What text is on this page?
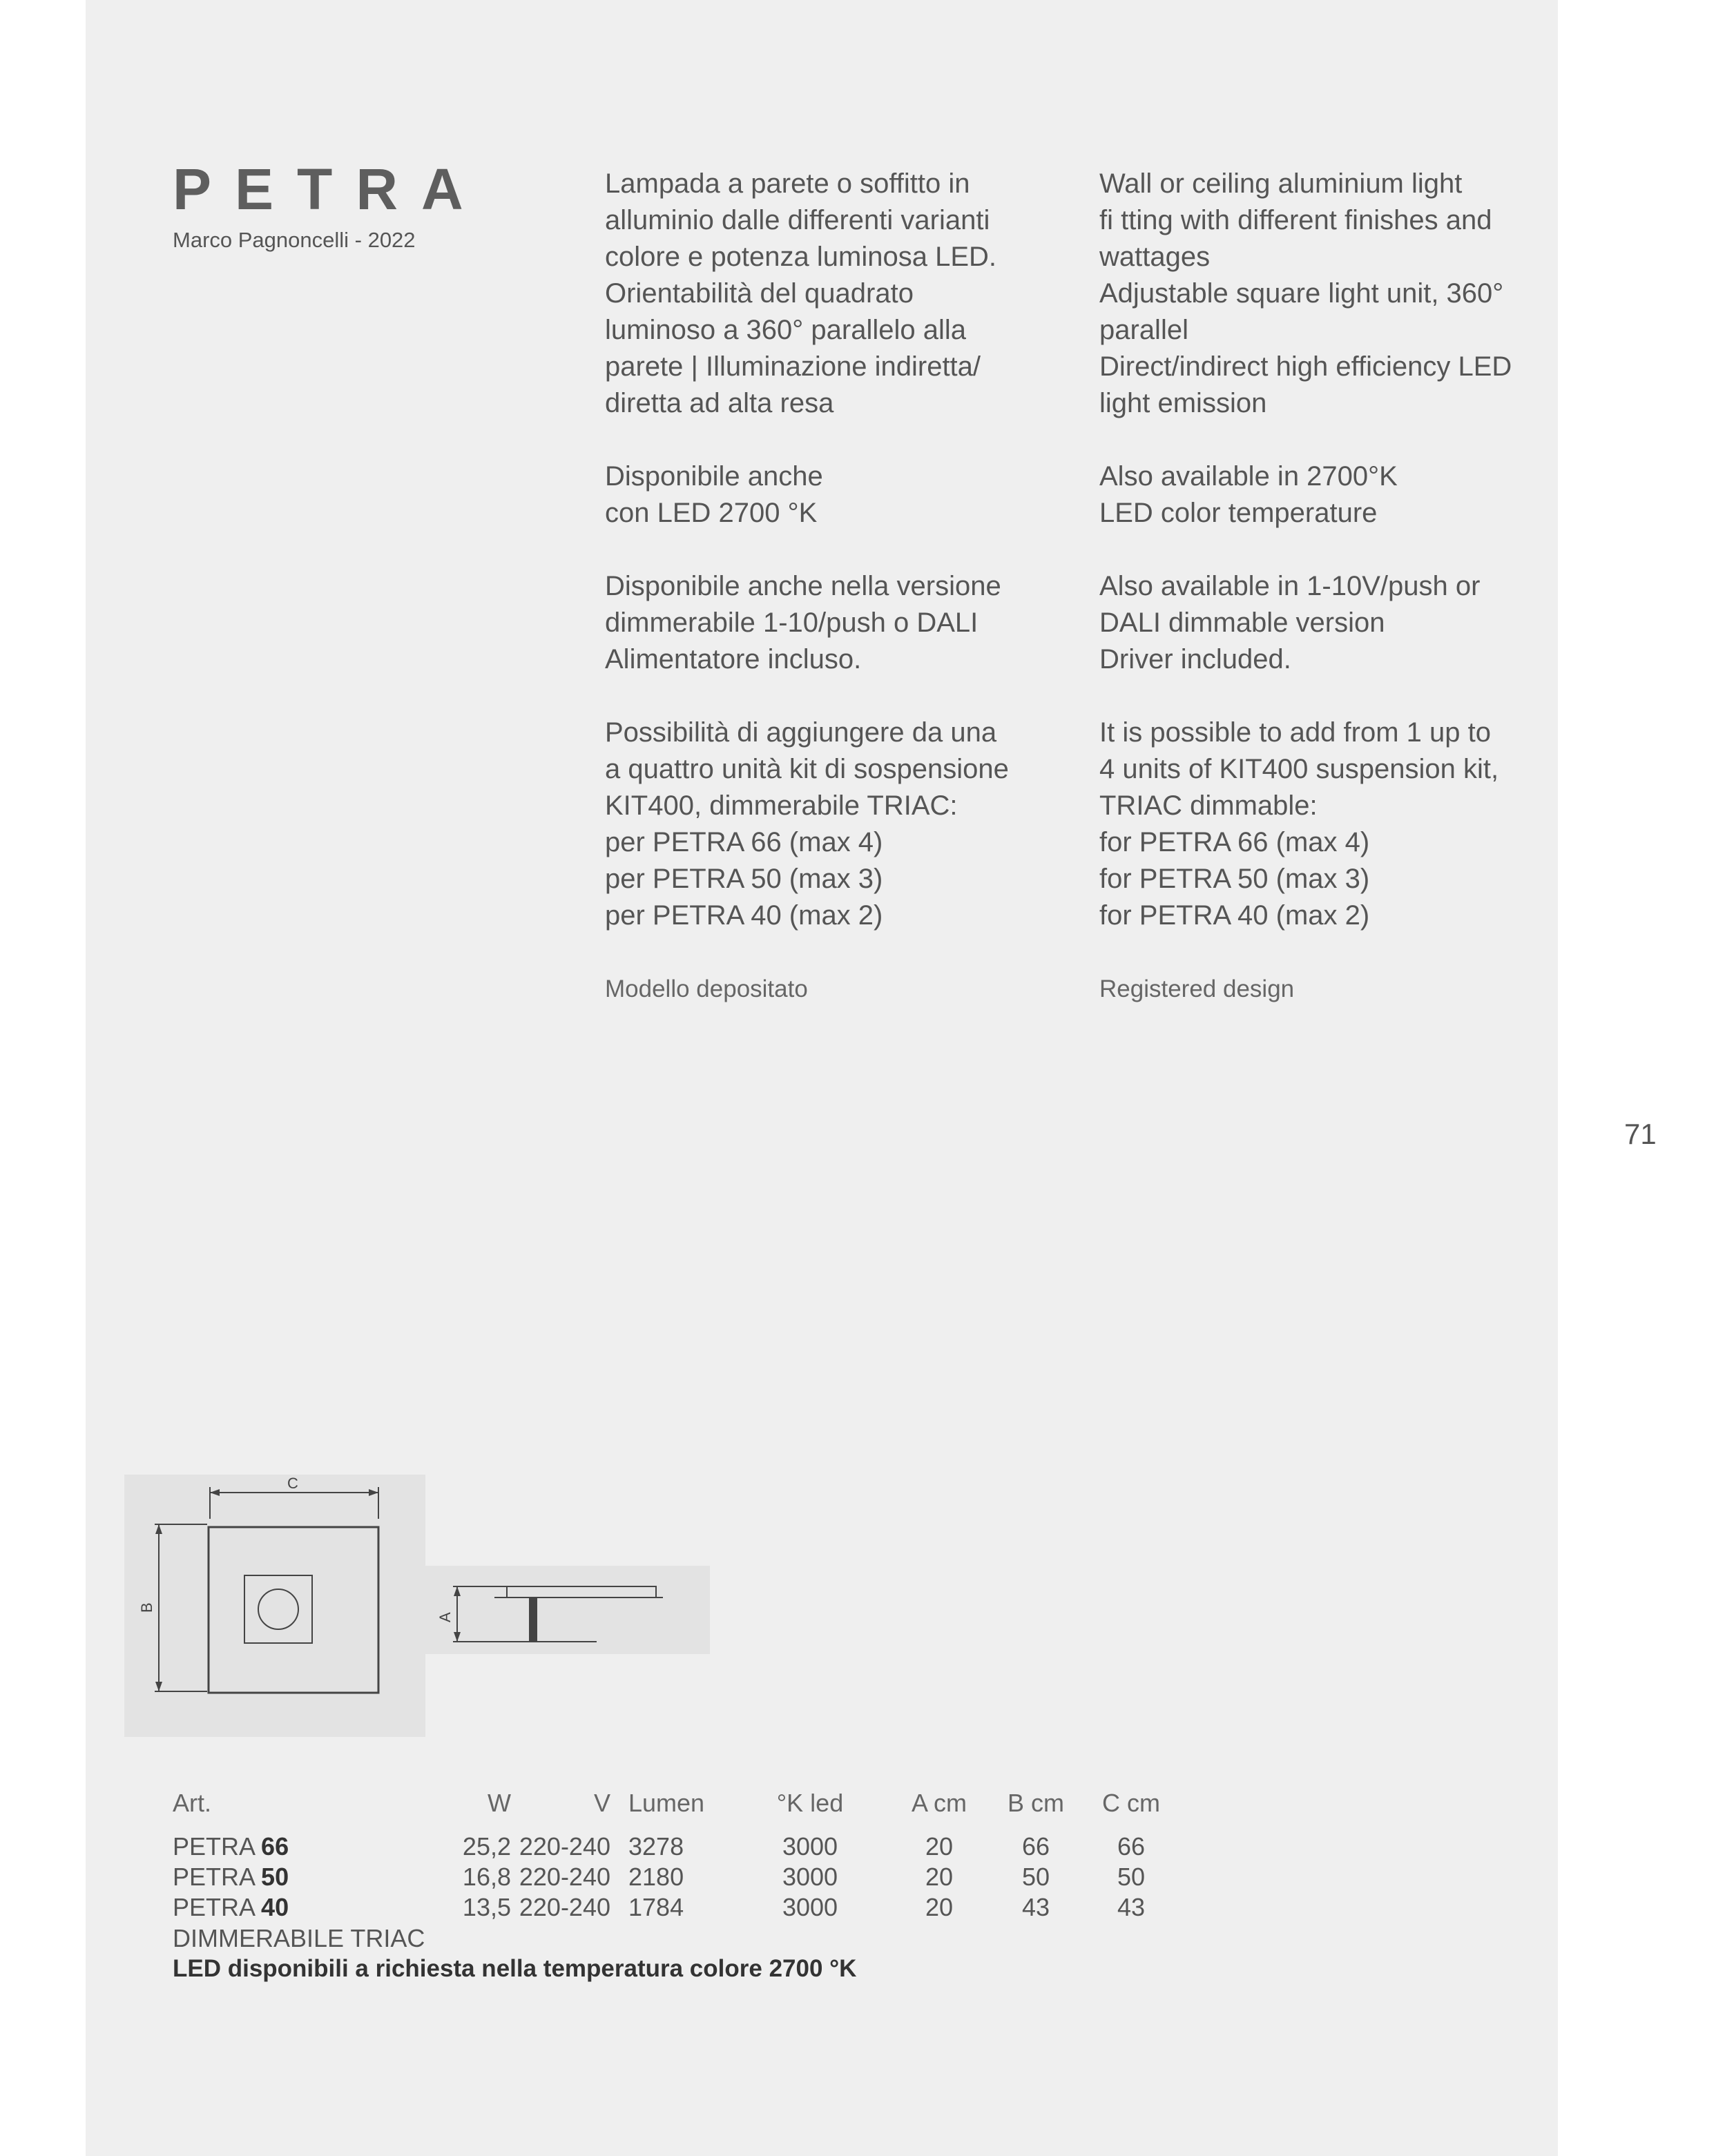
PETRA
Marco Pagnoncelli - 2022

Lampada a parete o soffitto in
alluminio dalle differenti varianti
colore e potenza luminosa LED.
Orientabilità del quadrato
luminoso a 360° parallelo alla
parete | Illuminazione indiretta/
diretta ad alta resa

Disponibile anche
con LED 2700 °K

Disponibile anche nella versione
dimmerabile 1-10/push o DALI
Alimentatore incluso.

Possibilità di aggiungere da una
a quattro unità kit di sospensione
KIT400, dimmerabile TRIAC:
per PETRA 66 (max 4)
per PETRA 50 (max 3)
per PETRA 40 (max 2)

Modello depositato

Wall or ceiling aluminium light
fi tting with different finishes and
wattages
Adjustable square light unit, 360°
parallel
Direct/indirect high efficiency LED
light emission

Also available in 2700°K
LED color temperature

Also available in 1-10V/push or
DALI dimmable version
Driver included.

It is possible to add from 1 up to
4 units of KIT400 suspension kit,
TRIAC dimmable:
for PETRA 66 (max 4)
for PETRA 50 (max 3)
for PETRA 40 (max 2)

Registered design

71
C
B
A
Art.	W	V Lumen	°K led	A cm	B cm	C cm
PETRA 66	25,2 220-240 3278	3000	20	66	66
PETRA 50	16,8 220-240 2180	3000	20	50	50
PETRA 40	13,5 220-240 1784	3000	20	43	43
DIMMERABILE TRIAC
LED disponibili a richiesta nella temperatura colore 2700 °K
